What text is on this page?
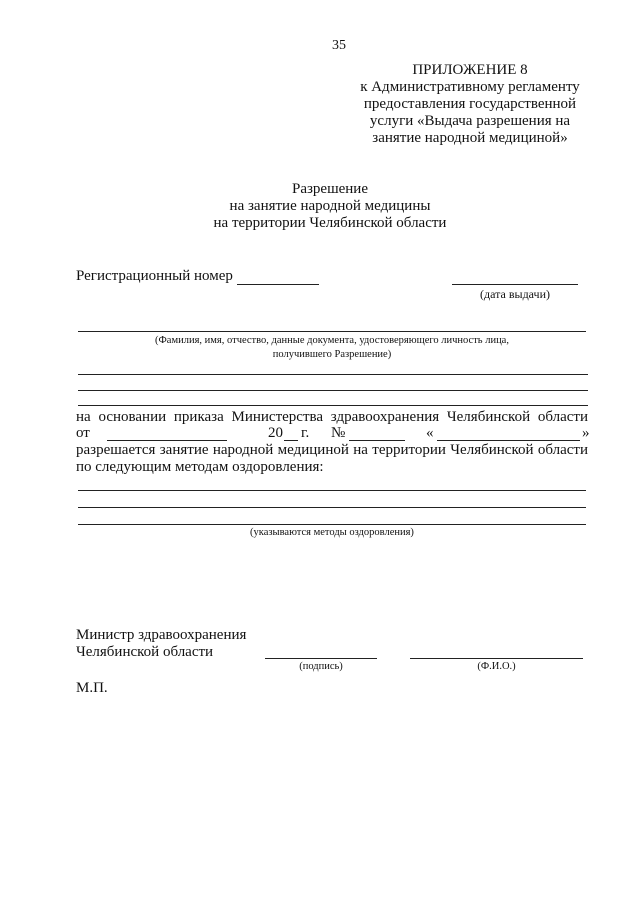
35
ПРИЛОЖЕНИЕ 8
к Административному регламенту
предоставления государственной
услуги «Выдача разрешения на
занятие народной медициной»
Разрешение
на занятие народной медицины
на территории Челябинской области
Регистрационный номер
(дата выдачи)
(Фамилия, имя, отчество, данные документа, удостоверяющего личность лица,
получившего Разрешение)
на основании приказа Министерства здравоохранения Челябинской области
от	20 г. №	«	»
разрешается занятие народной медициной на территории Челябинской области
по следующим методам оздоровления:
(указываются методы оздоровления)
Министр здравоохранения
Челябинской области
(подпись)	(Ф.И.О.)
М.П.
